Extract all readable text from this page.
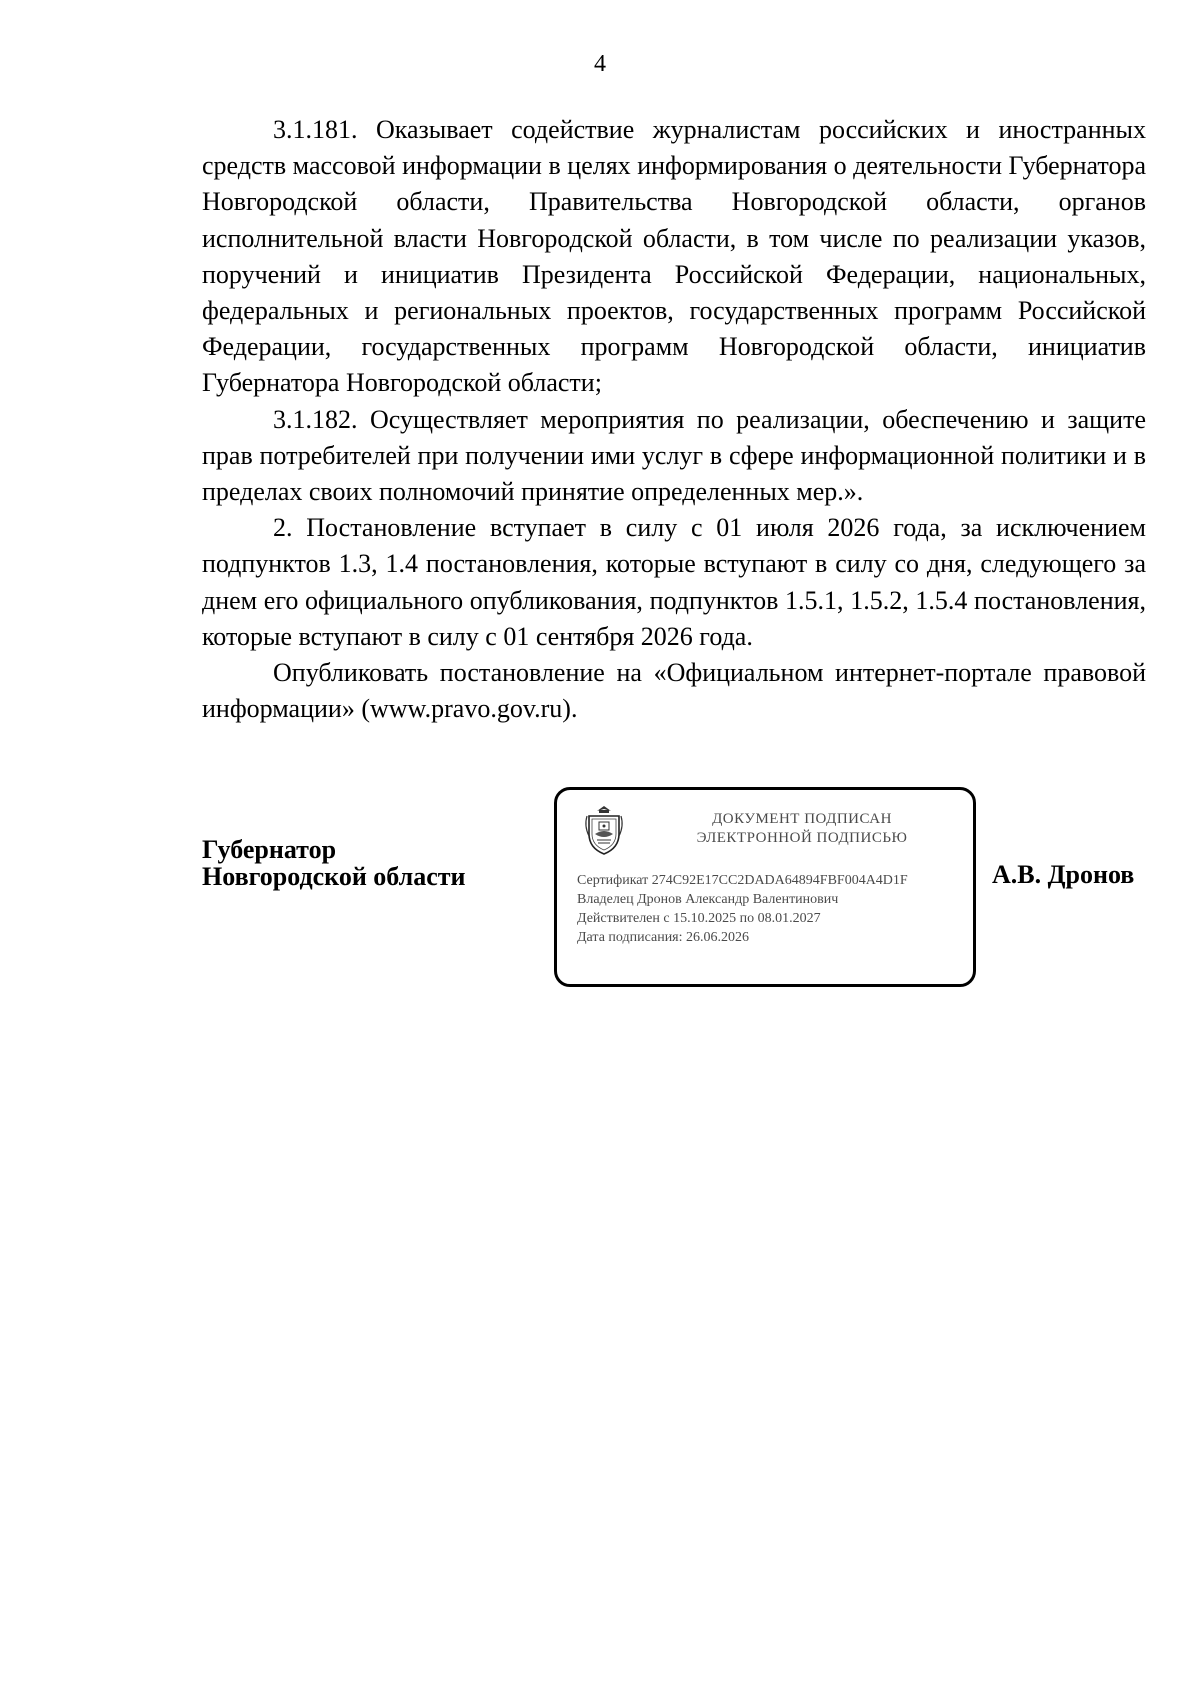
4

3.1.181. Оказывает содействие журналистам российских и иностранных средств массовой информации в целях информирования о деятельности Губернатора Новгородской области, Правительства Новгородской области, органов исполнительной власти Новгородской области, в том числе по реализации указов, поручений и инициатив Президента Российской Федерации, национальных, федеральных и региональных проектов, государственных программ Российской Федерации, государственных программ Новгородской области, инициатив Губернатора Новгородской области;

3.1.182. Осуществляет мероприятия по реализации, обеспечению и защите прав потребителей при получении ими услуг в сфере информационной политики и в пределах своих полномочий принятие определенных мер.».

2. Постановление вступает в силу с 01 июля 2026 года, за исключением подпунктов 1.3, 1.4 постановления, которые вступают в силу со дня, следующего за днем его официального опубликования, подпунктов 1.5.1, 1.5.2, 1.5.4 постановления, которые вступают в силу с 01 сентября 2026 года.

Опубликовать постановление на «Официальном интернет-портале правовой информации» (www.pravo.gov.ru).

Губернатор
Новгородской области
ДОКУМЕНТ ПОДПИСАН
ЭЛЕКТРОННОЙ ПОДПИСЬЮ
Сертификат 274C92E17CC2DADA64894FBF004A4D1F
Владелец Дронов Александр Валентинович
Действителен с 15.10.2025 по 08.01.2027
Дата подписания: 26.06.2026
А.В. Дронов
